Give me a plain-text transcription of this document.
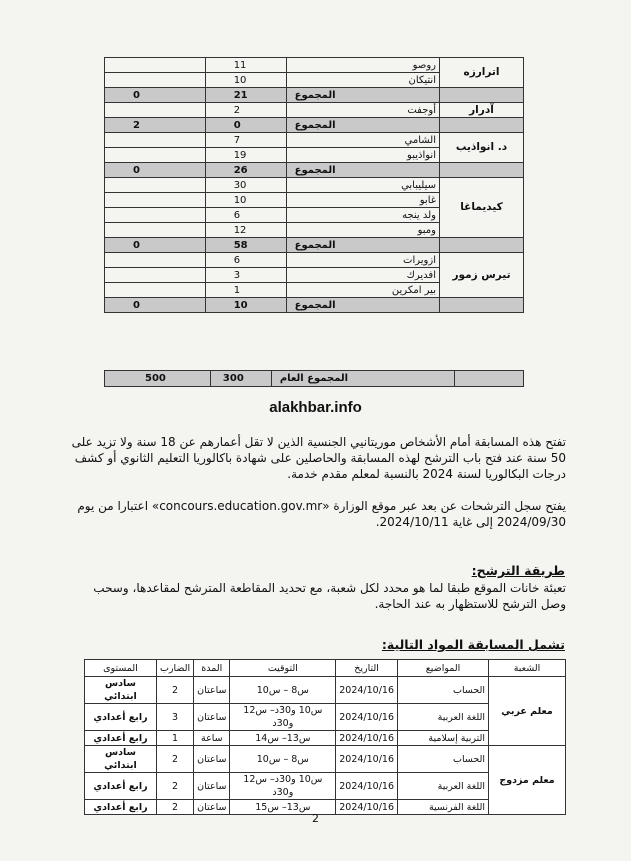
اترارزه	روصو	11	
	انتيكان	10	
	المجموع	21	0
آدرار	أوجفت	2	
	المجموع	0	2
د. انواذيب	الشامي	7	
	انواذيبو	19	
	المجموع	26	0
كيديماغا	سيليبابي	30	
	غابو	10	
	ولد ينجه	6	
	ومبو	12	
	المجموع	58	0
تيرس زمور	ازويرات	6	
	افديرك	3	
	بير امكرين	1	
	المجموع	10	0
	المجموع العام	300	500
alakhbar.info
تفتح هذه المسابقة أمام الأشخاص موريتانيي الجنسية الذين لا تقل أعمارهم عن 18 سنة ولا تزيد على 50 سنة عند فتح باب الترشح لهذه المسابقة والحاصلين على شهادة باكالوريا التعليم الثانوي أو كشف درجات البكالوريا لسنة 2024 بالنسبة لمعلم مقدم خدمة.
يفتح سجل الترشحات عن بعد عبر موقع الوزارة «concours.education.gov.mr» اعتبارا من يوم 2024/09/30 إلى غاية 2024/10/11.
طريقة الترشح:
تعبئة خانات الموقع طبقا لما هو محدد لكل شعبة، مع تحديد المقاطعة المترشح لمقاعدها، وسحب وصل الترشح للاستظهار به عند الحاجة.
تشمل المسابقة المواد التالية:
الشعبة	المواضيع	التاريخ	التوقيت	المدة	الضارب	المستوى
معلم عربي	الحساب	2024/10/16	س8 – س10	ساعتان	2	سادس ابتدائي
	اللغة العربية	2024/10/16	س10 و30د– س12 و30د	ساعتان	3	رابع أعدادي
	التربية إسلامية	2024/10/16	س13– س14	ساعة	1	رابع أعدادي
معلم مزدوج	الحساب	2024/10/16	س8 – س10	ساعتان	2	سادس ابتدائي
	اللغة العربية	2024/10/16	س10 و30د– س12 و30د	ساعتان	2	رابع أعدادي
	اللغة الفرنسية	2024/10/16	س13– س15	ساعتان	2	رابع أعدادي
2
